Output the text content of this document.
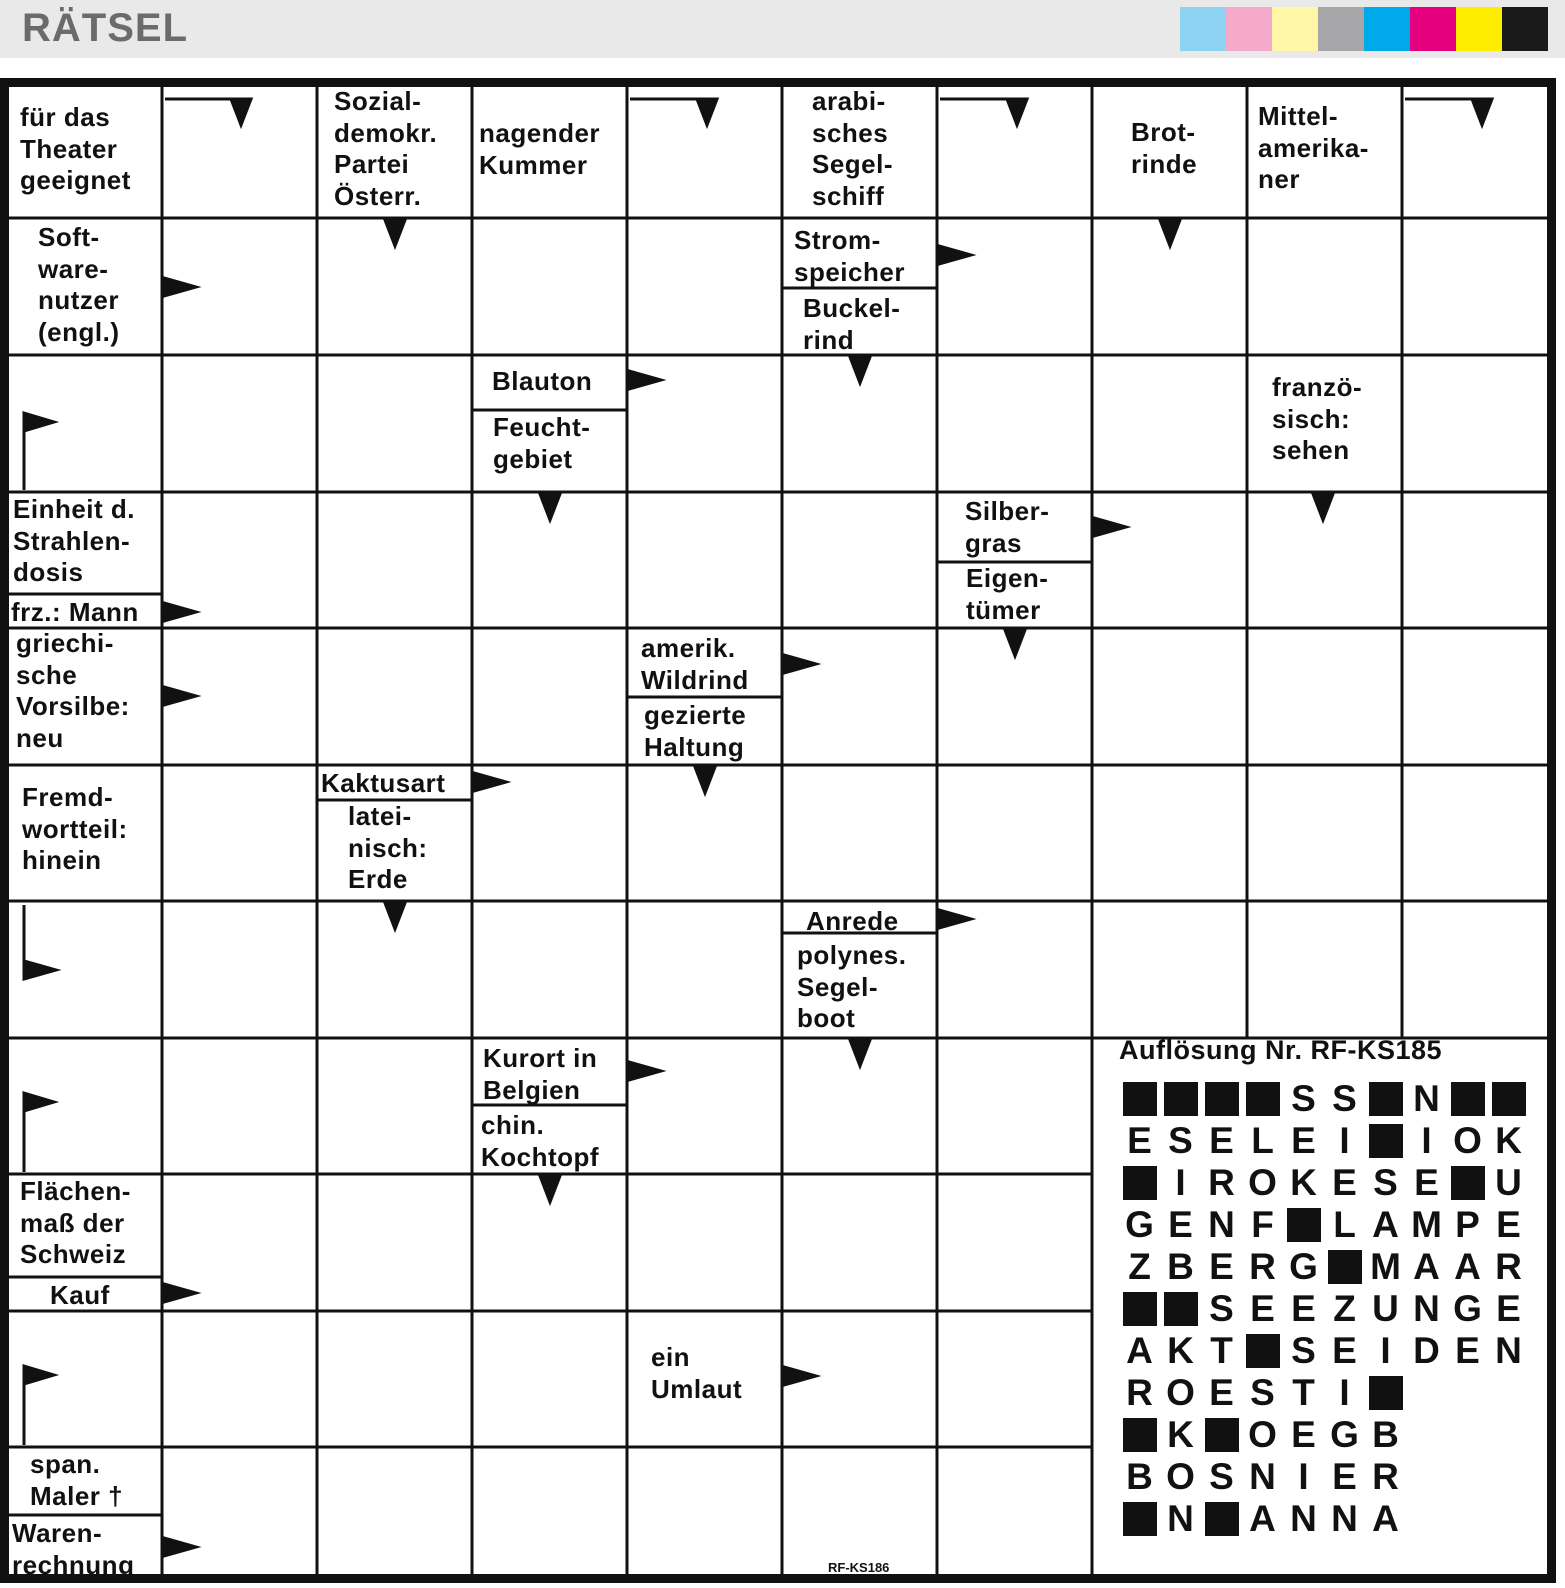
RÄTSEL
für das
Theater
geeignet
Sozial-
demokr.
Partei
Österr.
nagender
Kummer
arabi-
sches
Segel-
schiff
Brot-
rinde
Mittel-
amerika-
ner
Soft-
ware-
nutzer
(engl.)
Strom-
speicher
Buckel-
rind
Blauton
Feucht-
gebiet
franzö-
sisch:
sehen
Einheit d.
Strahlen-
dosis
frz.: Mann
Silber-
gras
Eigen-
tümer
griechi-
sche
Vorsilbe:
neu
amerik.
Wildrind
gezierte
Haltung
Fremd-
wortteil:
hinein
Kaktusart
latei-
nisch:
Erde
Anrede
polynes.
Segel-
boot
Kurort in
Belgien
chin.
Kochtopf
Flächen-
maß der
Schweiz
Kauf
ein
Umlaut
span.
Maler †
Waren-
rechnung
Auflösung Nr. RF-KS185
S S N
E S E L E I	I O K
I R O K E S E U
G E N F L A M P E
Z B E R G M A A R
S E E Z U N G E
A K T S E I D E N
R O E S T I
K O E G B
B O S N I E R
N A N N A
RF-KS186
